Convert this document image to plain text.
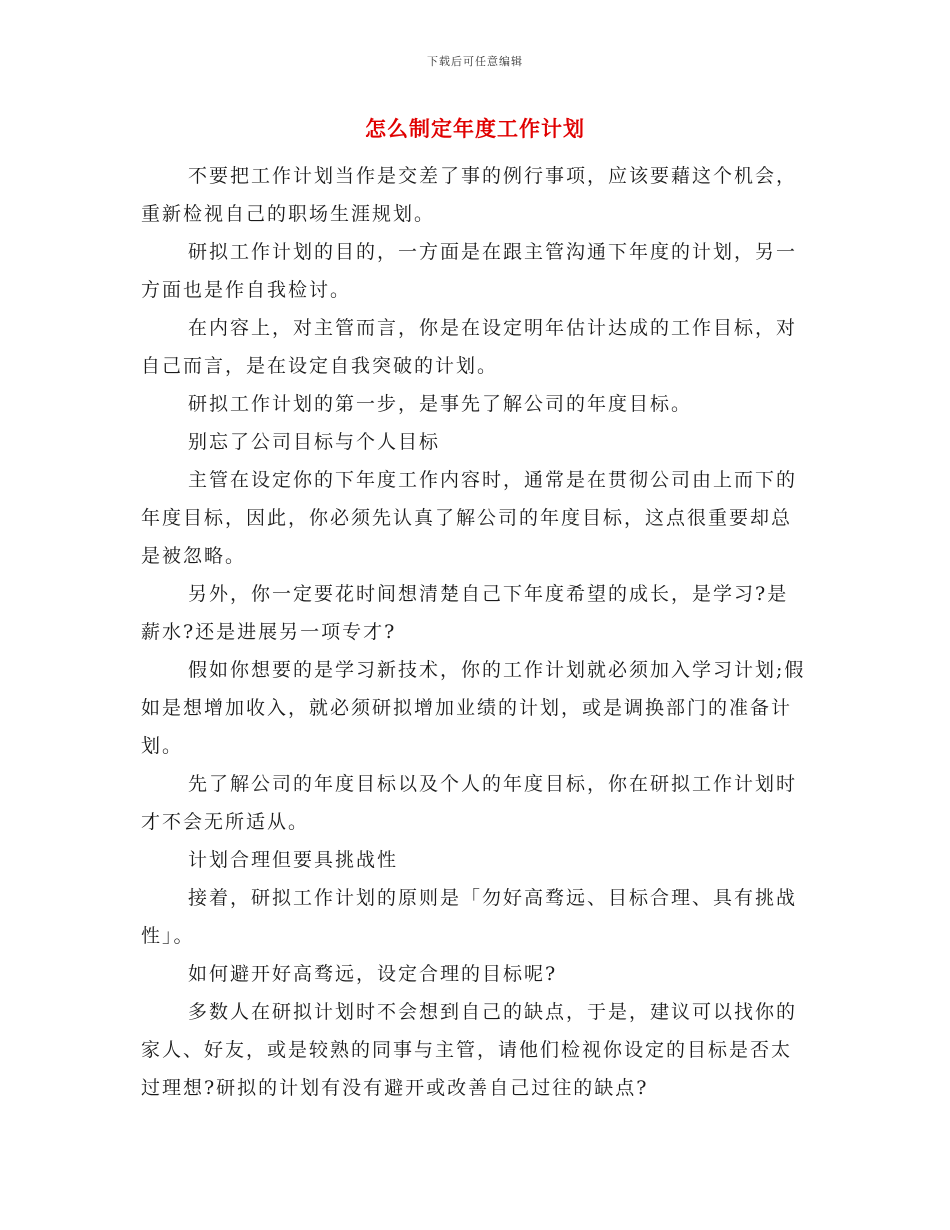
下载后可任意编辑
怎么制定年度工作计划

不要把工作计划当作是交差了事的例行事项，应该要藉这个机会，重新检视自己的职场生涯规划。

研拟工作计划的目的，一方面是在跟主管沟通下年度的计划，另一方面也是作自我检讨。

在内容上，对主管而言，你是在设定明年估计达成的工作目标，对自己而言，是在设定自我突破的计划。

研拟工作计划的第一步，是事先了解公司的年度目标。

别忘了公司目标与个人目标

主管在设定你的下年度工作内容时，通常是在贯彻公司由上而下的年度目标，因此，你必须先认真了解公司的年度目标，这点很重要却总是被忽略。

另外，你一定要花时间想清楚自己下年度希望的成长，是学习?是薪水?还是进展另一项专才?

假如你想要的是学习新技术，你的工作计划就必须加入学习计划;假如是想增加收入，就必须研拟增加业绩的计划，或是调换部门的准备计划。

先了解公司的年度目标以及个人的年度目标，你在研拟工作计划时才不会无所适从。

计划合理但要具挑战性

接着，研拟工作计划的原则是「勿好高骛远、目标合理、具有挑战性」。

如何避开好高骛远，设定合理的目标呢?

多数人在研拟计划时不会想到自己的缺点，于是，建议可以找你的家人、好友，或是较熟的同事与主管，请他们检视你设定的目标是否太过理想?研拟的计划有没有避开或改善自己过往的缺点?
